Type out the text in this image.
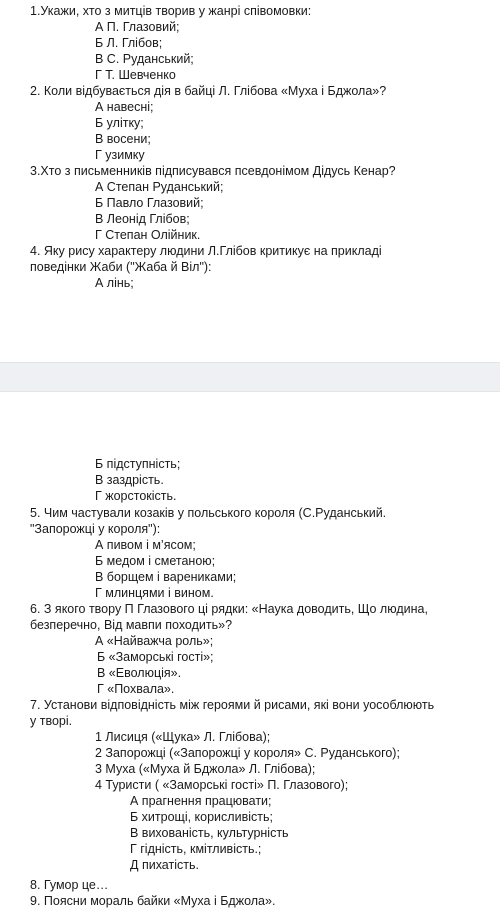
1.Укажи, хто з митців творив у жанрі співомовки:
А П. Глазовий;
Б Л. Глібов;
В С. Руданський;
Г Т. Шевченко
2. Коли відбувається дія в байці Л. Глібова «Муха і Бджола»?
А навесні;
Б улітку;
В восени;
Г узимку
3.Хто з письменників підписувався псевдонімом Дідусь Кенар?
А Степан Руданський;
Б Павло Глазовий;
В Леонід Глібов;
Г Степан Олійник.
4. Яку рису характеру людини Л.Глібов критикує на прикладі
поведінки Жаби ("Жаба й Віл"):
А лінь;
Б підступність;
В заздрість.
Г жорстокість.
5. Чим частували козаків у польського короля (С.Руданський.
"Запорожці у короля"):
А пивом і м’ясом;
Б медом і сметаною;
В борщем і варениками;
Г млинцями і вином.
6. З якого твору П Глазового ці рядки: «Наука доводить, Що людина,
безперечно, Від мавпи походить»?
А «Найважча роль»;
Б «Заморські гості»;
В «Еволюція».
Г «Похвала».
7. Установи відповідність між героями й рисами, які вони уособлюють
у творі.
1 Лисиця («Щука» Л. Глібова);
2 Запорожці («Запорожці у короля» С. Руданського);
3 Муха («Муха й Бджола» Л. Глібова);
4 Туристи ( «Заморські гості» П. Глазового);
А прагнення працювати;
Б хитрощі, корисливість;
В вихованість, культурність
Г гідність, кмітливість.;
Д пихатість.
8. Гумор це…
9. Поясни мораль байки «Муха і Бджола».
